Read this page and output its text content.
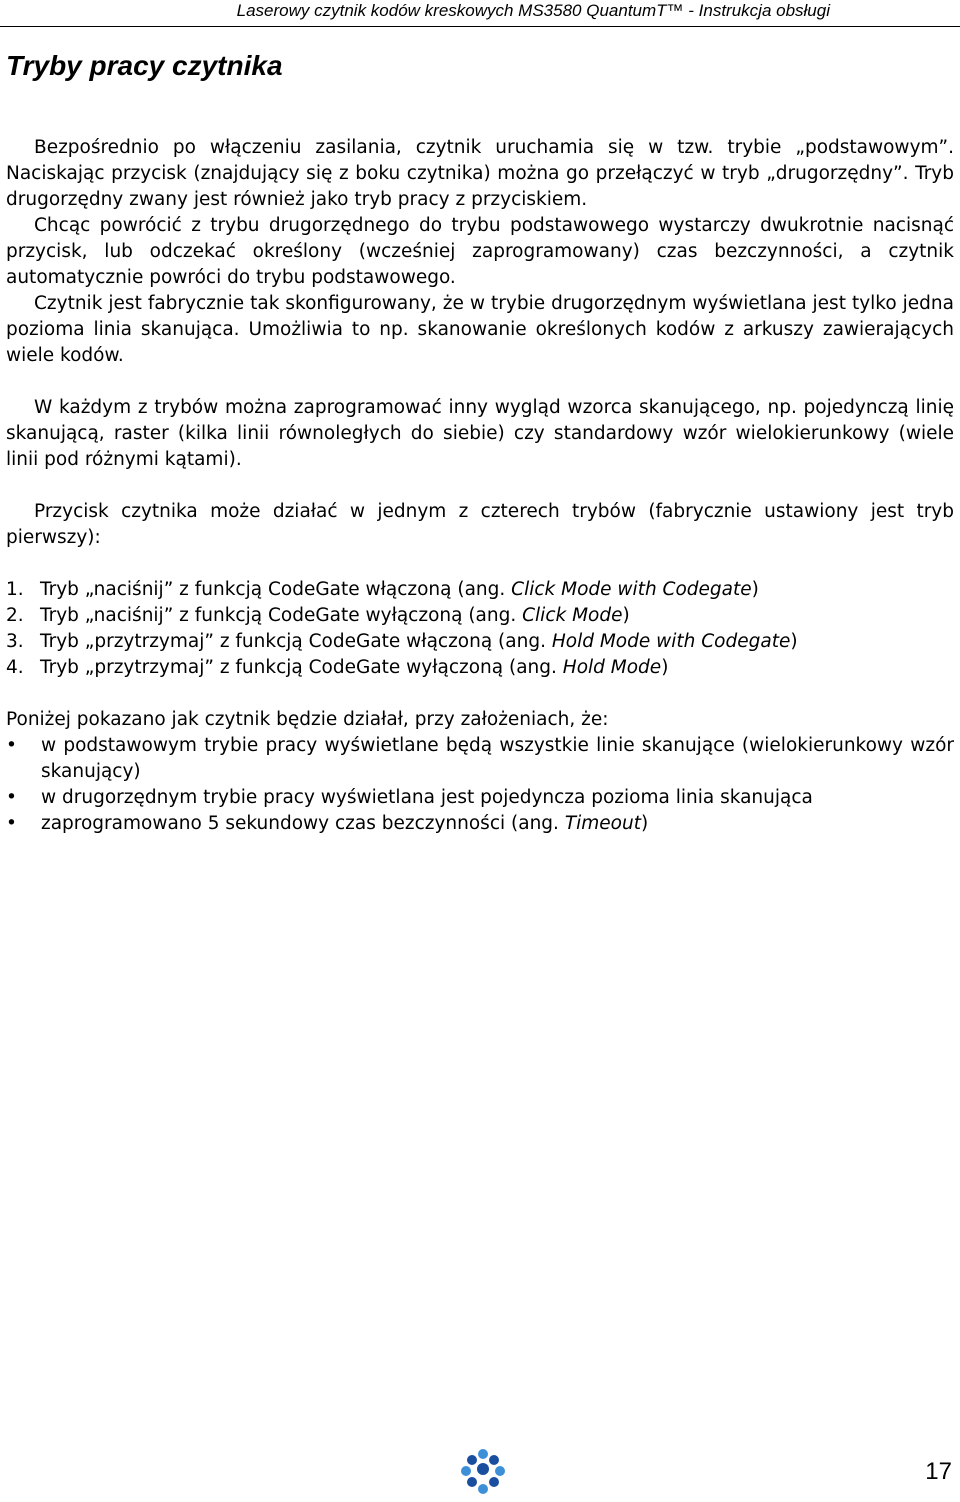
Laserowy czytnik kodów kreskowych MS3580 QuantumT™ - Instrukcja obsługi
Tryby pracy czytnika

Bezpośrednio po włączeniu zasilania, czytnik uruchamia się w tzw. trybie „podstawowym”. Naciskając przycisk (znajdujący się z boku czytnika) można go przełączyć w tryb „drugorzędny”. Tryb drugorzędny zwany jest również jako tryb pracy z przyciskiem.

Chcąc powrócić z trybu drugorzędnego do trybu podstawowego wystarczy dwukrotnie nacisnąć przycisk, lub odczekać określony (wcześniej zaprogramowany) czas bezczynności, a czytnik automatycznie powróci do trybu podstawowego.

Czytnik jest fabrycznie tak skonfigurowany, że w trybie drugorzędnym wyświetlana jest tylko jedna pozioma linia skanująca. Umożliwia to np. skanowanie określonych kodów z arkuszy zawierających wiele kodów.

W każdym z trybów można zaprogramować inny wygląd wzorca skanującego, np. pojedynczą linię skanującą, raster (kilka linii równoległych do siebie) czy standardowy wzór wielokierunkowy (wiele linii pod różnymi kątami).

Przycisk czytnika może działać w jednym z czterech trybów (fabrycznie ustawiony jest tryb pierwszy):

1. Tryb „naciśnij” z funkcją CodeGate włączoną (ang. Click Mode with Codegate)
2. Tryb „naciśnij” z funkcją CodeGate wyłączoną (ang. Click Mode)
3. Tryb „przytrzymaj” z funkcją CodeGate włączoną (ang. Hold Mode with Codegate)
4. Tryb „przytrzymaj” z funkcją CodeGate wyłączoną (ang. Hold Mode)

Poniżej pokazano jak czytnik będzie działał, przy założeniach, że:

• w podstawowym trybie pracy wyświetlane będą wszystkie linie skanujące (wielokierunkowy wzór skanujący)
• w drugorzędnym trybie pracy wyświetlana jest pojedyncza pozioma linia skanująca
• zaprogramowano 5 sekundowy czas bezczynności (ang. Timeout)
17
